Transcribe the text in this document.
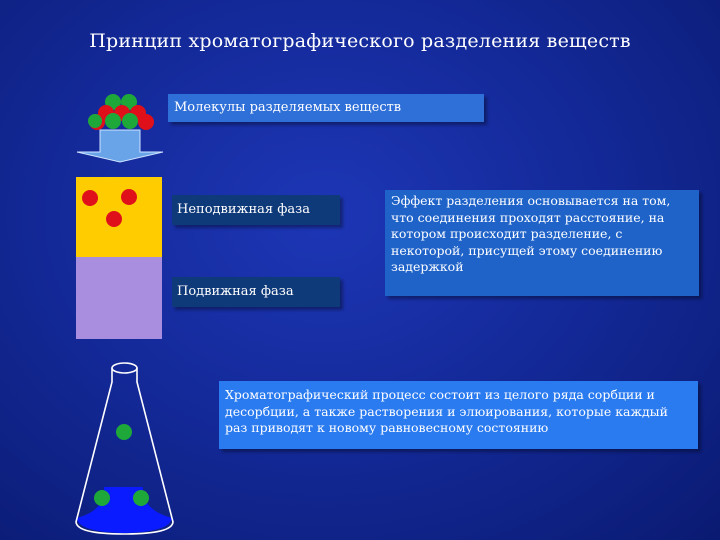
Принцип хроматографического разделения веществ
Молекулы разделяемых веществ
Неподвижная фаза
Подвижная фаза
Эффект разделения основывается на том, что соединения проходят расстояние, на котором происходит разделение, с некоторой, присущей этому соединению задержкой
Хроматографический процесс состоит из целого ряда сорбции и десорбции, а также растворения и элюирования, которые каждый раз приводят к новому равновесному состоянию
